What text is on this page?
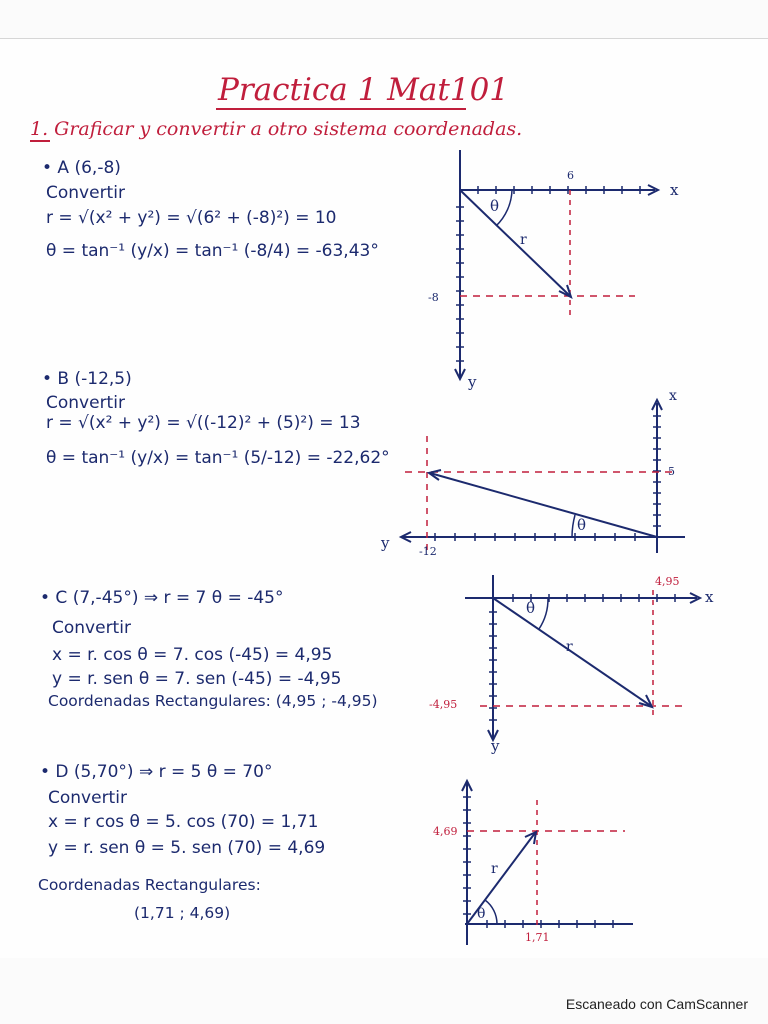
Practica 1 Mat101
1. Graficar y convertir a otro sistema coordenadas.
• A (6,-8)
Convertir
r = √(x² + y²) = √(6² + (-8)²) = 10
θ = tan⁻¹ (y/x) = tan⁻¹ (-8/4) = -63,43°
θ
r
6
-8
x
y
• B (-12,5)
Convertir
r = √(x² + y²) = √((-12)² + (5)²) = 13
θ = tan⁻¹ (y/x) = tan⁻¹ (5/-12) = -22,62°
θ
-12
5
x
y
• C (7,-45°) ⇒ r = 7 θ = -45°
Convertir
x = r. cos θ = 7. cos (-45) = 4,95
y = r. sen θ = 7. sen (-45) = -4,95
Coordenadas Rectangulares: (4,95 ; -4,95)
θ
r
4,95
-4,95
x
y
• D (5,70°) ⇒ r = 5 θ = 70°
Convertir
x = r cos θ = 5. cos (70) = 1,71
y = r. sen θ = 5. sen (70) = 4,69
Coordenadas Rectangulares:
(1,71 ; 4,69)	θ
r
1,71
4,69
Escaneado con CamScanner
